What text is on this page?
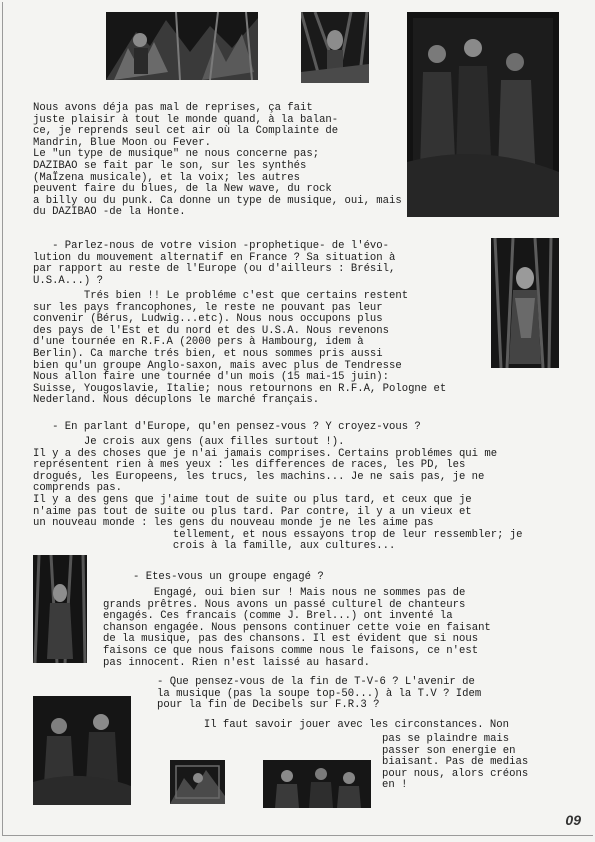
Nous avons déja pas mal de reprises, ça fait
juste plaisir à tout le monde quand, à la balan-
ce, je reprends seul cet air où la Complainte de
Mandrin, Blue Moon ou Fever.
Le "un type de musique" ne nous concerne pas;
DAZIBAO se fait par le son, sur les synthés
(MaÏzena musicale), et la voix; les autres
peuvent faire du blues, de la New wave, du rock
a billy ou du punk. Ca donne un type de musique, oui, mais
du DAZIBAO -de la Honte.
- Parlez-nous de votre vision -prophetique- de l'évo-
lution du mouvement alternatif en France ? Sa situation à
par rapport au reste de l'Europe (ou d'ailleurs : Brésil,
U.S.A...) ?
Trés bien !! Le probléme c'est que certains restent
sur les pays francophones, le reste ne pouvant pas leur
convenir (Bérus, Ludwig...etc). Nous nous occupons plus
des pays de l'Est et du nord et des U.S.A. Nous revenons
d'une tournée en R.F.A (2000 pers à Hambourg, idem à
Berlin). Ca marche trés bien, et nous sommes pris aussi
bien qu'un groupe Anglo-saxon, mais avec plus de Tendresse
Nous allon faire une tournée d'un mois (15 mai-15 juin):
Suisse, Yougoslavie, Italie; nous retournons en R.F.A, Pologne et
Nederland. Nous décuplons le marché français.
- En parlant d'Europe, qu'en pensez-vous ? Y croyez-vous ?
Je crois aux gens (aux filles surtout !).
Il y a des choses que je n'ai jamais comprises. Certains problémes qui me
représentent rien à mes yeux : les differences de races, les PD, les
drogués, les Europeens, les trucs, les machins... Je ne sais pas, je ne
comprends pas.
Il y a des gens que j'aime tout de suite ou plus tard, et ceux que je
n'aime pas tout de suite ou plus tard. Par contre, il y a un vieux et
un nouveau monde : les gens du nouveau monde je ne les aime pas
tellement, et nous essayons trop de leur ressembler; je
crois à la famille, aux cultures...
- Etes-vous un groupe engagé ?
Engagé, oui bien sur ! Mais nous ne sommes pas de
grands prêtres. Nous avons un passé culturel de chanteurs
engagés. Ces francais (comme J. Brel...) ont inventé la
chanson engagée. Nous pensons continuer cette voie en faisant
de la musique, pas des chansons. Il est évident que si nous
faisons ce que nous faisons comme nous le faisons, ce n'est
pas innocent. Rien n'est laissé au hasard.
- Que pensez-vous de la fin de T-V-6 ? L'avenir de
la musique (pas la soupe top-50...) à la T.V ? Idem
pour la fin de Decibels sur F.R.3 ?
Il faut savoir jouer avec les circonstances. Non
pas se plaindre mais
passer son energie en
biaisant. Pas de medias
pour nous, alors créons
en !
09
